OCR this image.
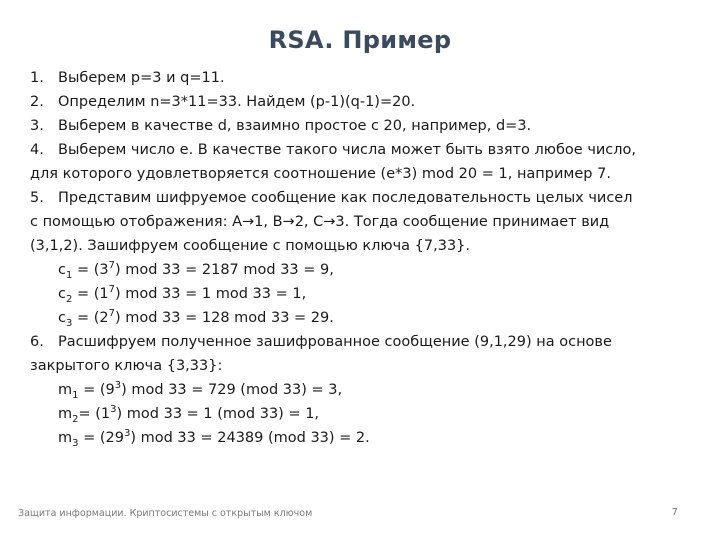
RSA. Пример
1. Выберем p=3 и q=11.
2. Определим n=3*11=33. Найдем (p-1)(q-1)=20.
3. Выберем в качестве d, взаимно простое с 20, например, d=3.
4. Выберем число e. В качестве такого числа может быть взято любое число,
для которого удовлетворяется соотношение (e*3) mod 20 = 1, например 7.
5. Представим шифруемое сообщение как последовательность целых чисел
с помощью отображения: A→1, B→2, C→3. Тогда сообщение принимает вид
(3,1,2). Зашифруем сообщение с помощью ключа {7,33}.
$c_1 = (3^7)$ mod 33 = 2187 mod 33 = 9,
$c_2 = (1^7)$ mod 33 = 1 mod 33 = 1,
$c_3 = (2^7)$ mod 33 = 128 mod 33 = 29.
6. Расшифруем полученное зашифрованное сообщение (9,1,29) на основе
закрытого ключа {3,33}:
$m_1 = (9^3)$ mod 33 = 729 (mod 33) = 3,
$m_2= (1^3)$ mod 33 = 1 (mod 33) = 1,
$m_3 = (29^3)$ mod 33 = 24389 (mod 33) = 2.
Защита информации. Криптосистемы с открытым ключом	7
